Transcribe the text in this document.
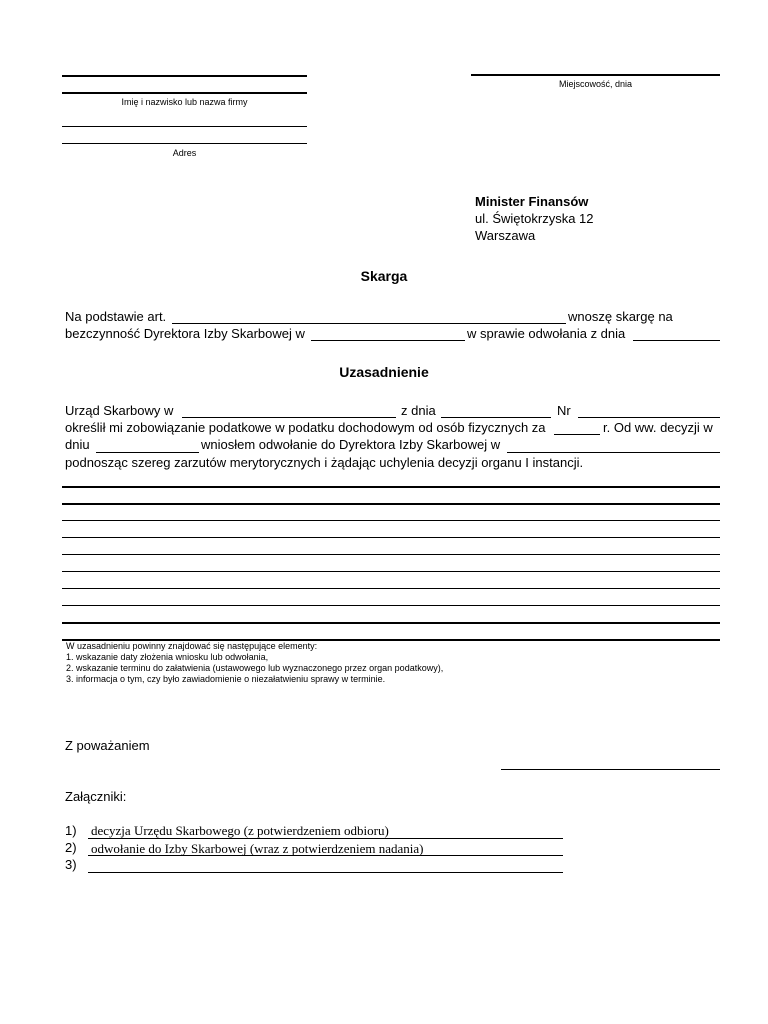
Imię i nazwisko lub nazwa firmy
Adres
Miejscowość, dnia
Minister Finansów
ul. Świętokrzyska 12
Warszawa
Skarga
Na podstawie art.	wnoszę skargę na
bezczynność Dyrektora Izby Skarbowej w	w sprawie odwołania z dnia
Uzasadnienie
Urząd Skarbowy w	z dnia	Nr
określił mi zobowiązanie podatkowe w podatku dochodowym od osób fizycznych za	r. Od ww. decyzji w
dniu	wniosłem odwołanie do Dyrektora Izby Skarbowej w
podnosząc szereg zarzutów merytorycznych i żądając uchylenia decyzji organu I instancji.
W uzasadnieniu powinny znajdować się następujące elementy:
1. wskazanie daty złożenia wniosku lub odwołania,
2. wskazanie terminu do załatwienia (ustawowego lub wyznaczonego przez organ podatkowy),
3. informacja o tym, czy było zawiadomienie o niezałatwieniu sprawy w terminie.
Z poważaniem
Załączniki:
1) decyzja Urzędu Skarbowego (z potwierdzeniem odbioru)
2) odwołanie do Izby Skarbowej (wraz z potwierdzeniem nadania)
3)
